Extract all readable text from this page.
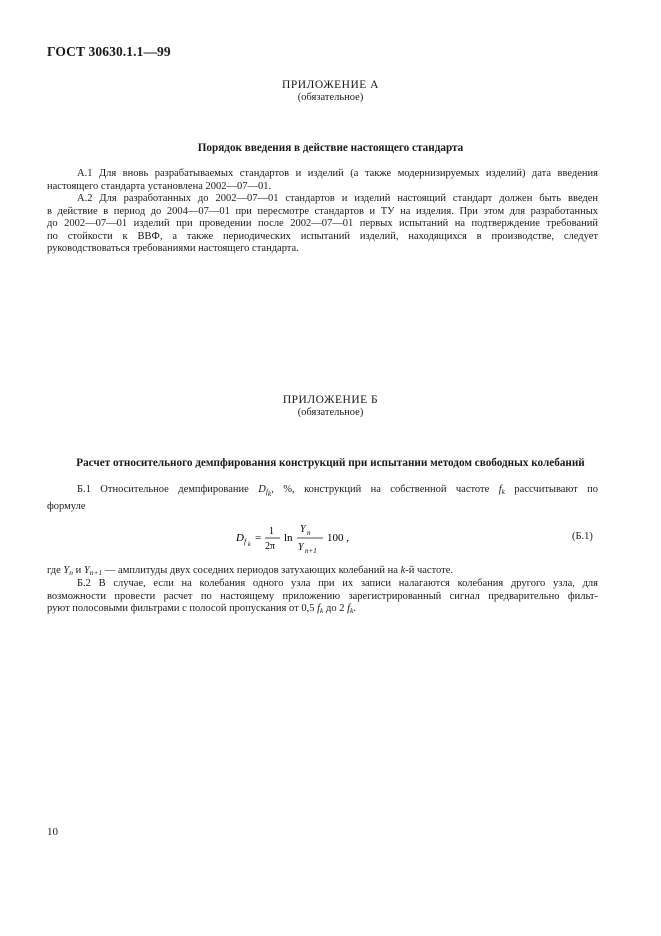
ГОСТ 30630.1.1—99
ПРИЛОЖЕНИЕ А
(обязательное)
Порядок введения в действие настоящего стандарта
А.1 Для вновь разрабатываемых стандартов и изделий (а также модернизируемых изделий) дата введения
настоящего стандарта установлена 2002—07—01.
А.2 Для разработанных до 2002—07—01 стандартов и изделий настоящий стандарт должен быть введен
в действие в период до 2004—07—01 при пересмотре стандартов и ТУ на изделия. При этом для разработанных
до 2002—07—01 изделий при проведении после 2002—07—01 первых испытаний на подтверждение требований
по стойкости к ВВФ, а также периодических испытаний изделий, находящихся в производстве, следует
руководствоваться требованиями настоящего стандарта.
ПРИЛОЖЕНИЕ Б
(обязательное)
Расчет относительного демпфирования конструкций при испытании методом свободных колебаний
Б.1 Относительное демпфирование $D_{f_k}$, %, конструкций на собственной частоте $f_k$ рассчитывают по
формуле
D f k
=
1
2π
ln
Y n
Y n+1
100 ,	(Б.1)
где $Y_n$ и $Y_{n+1}$ — амплитуды двух соседних периодов затухающих колебаний на k-й частоте.
Б.2 В случае, если на колебания одного узла при их записи налагаются колебания другого узла, для
возможности провести расчет по настоящему приложению зарегистрированный сигнал предварительно фильт-
руют полосовыми фильтрами с полосой пропускания от 0,5 $f_k$ до 2 $f_k$.
10
